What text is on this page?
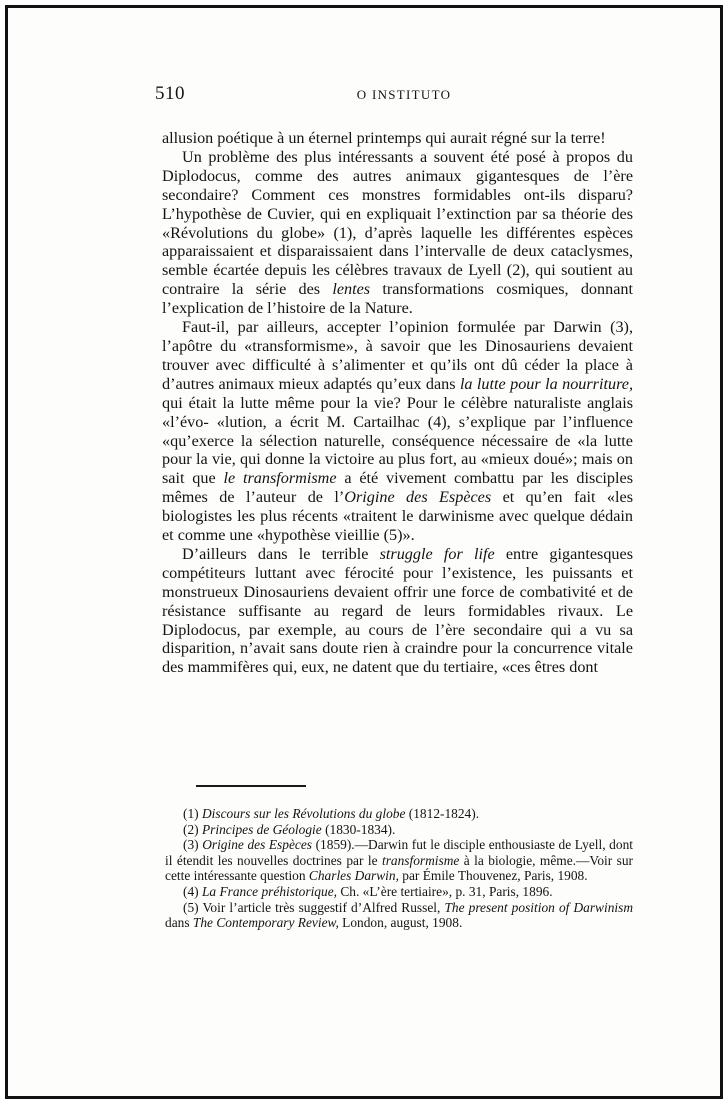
510	O INSTITUTO

allusion poétique à un éternel printemps qui aurait régné sur la terre!

Un problème des plus intéressants a souvent été posé à propos du Diplodocus, comme des autres animaux gigantesques de l’ère secondaire? Comment ces monstres formidables ont-ils disparu? L’hypothèse de Cuvier, qui en expliquait l’extinction par sa théorie des «Révolutions du globe» (1), d’après laquelle les différentes espèces apparaissaient et disparaissaient dans l’intervalle de deux cataclysmes, semble écartée depuis les célèbres travaux de Lyell (2), qui soutient au contraire la série des lentes transformations cosmiques, donnant l’explication de l’histoire de la Nature.

Faut-il, par ailleurs, accepter l’opinion formulée par Darwin (3), l’apôtre du «transformisme», à savoir que les Dinosauriens devaient trouver avec difficulté à s’alimenter et qu’ils ont dû céder la place à d’autres animaux mieux adaptés qu’eux dans la lutte pour la nourriture, qui était la lutte même pour la vie? Pour le célèbre naturaliste anglais «l’évo- «lution, a écrit M. Cartailhac (4), s’explique par l’influence «qu’exerce la sélection naturelle, conséquence nécessaire de «la lutte pour la vie, qui donne la victoire au plus fort, au «mieux doué»; mais on sait que le transformisme a été vivement combattu par les disciples mêmes de l’auteur de l’Origine des Espèces et qu’en fait «les biologistes les plus récents «traitent le darwinisme avec quelque dédain et comme une «hypothèse vieillie (5)».

D’ailleurs dans le terrible struggle for life entre gigantesques compétiteurs luttant avec férocité pour l’existence, les puissants et monstrueux Dinosauriens devaient offrir une force de combativité et de résistance suffisante au regard de leurs formidables rivaux. Le Diplodocus, par exemple, au cours de l’ère secondaire qui a vu sa disparition, n’avait sans doute rien à craindre pour la concurrence vitale des mammifères qui, eux, ne datent que du tertiaire, «ces êtres dont

(1) Discours sur les Révolutions du globe (1812-1824).

(2) Principes de Géologie (1830-1834).

(3) Origine des Espèces (1859).—Darwin fut le disciple enthousiaste de Lyell, dont il étendit les nouvelles doctrines par le transformisme à la biologie, même.—Voir sur cette intéressante question Charles Darwin, par Émile Thouvenez, Paris, 1908.

(4) La France préhistorique, Ch. «L’ère tertiaire», p. 31, Paris, 1896.

(5) Voir l’article très suggestif d’Alfred Russel, The present position of Darwinism dans The Contemporary Review, London, august, 1908.
